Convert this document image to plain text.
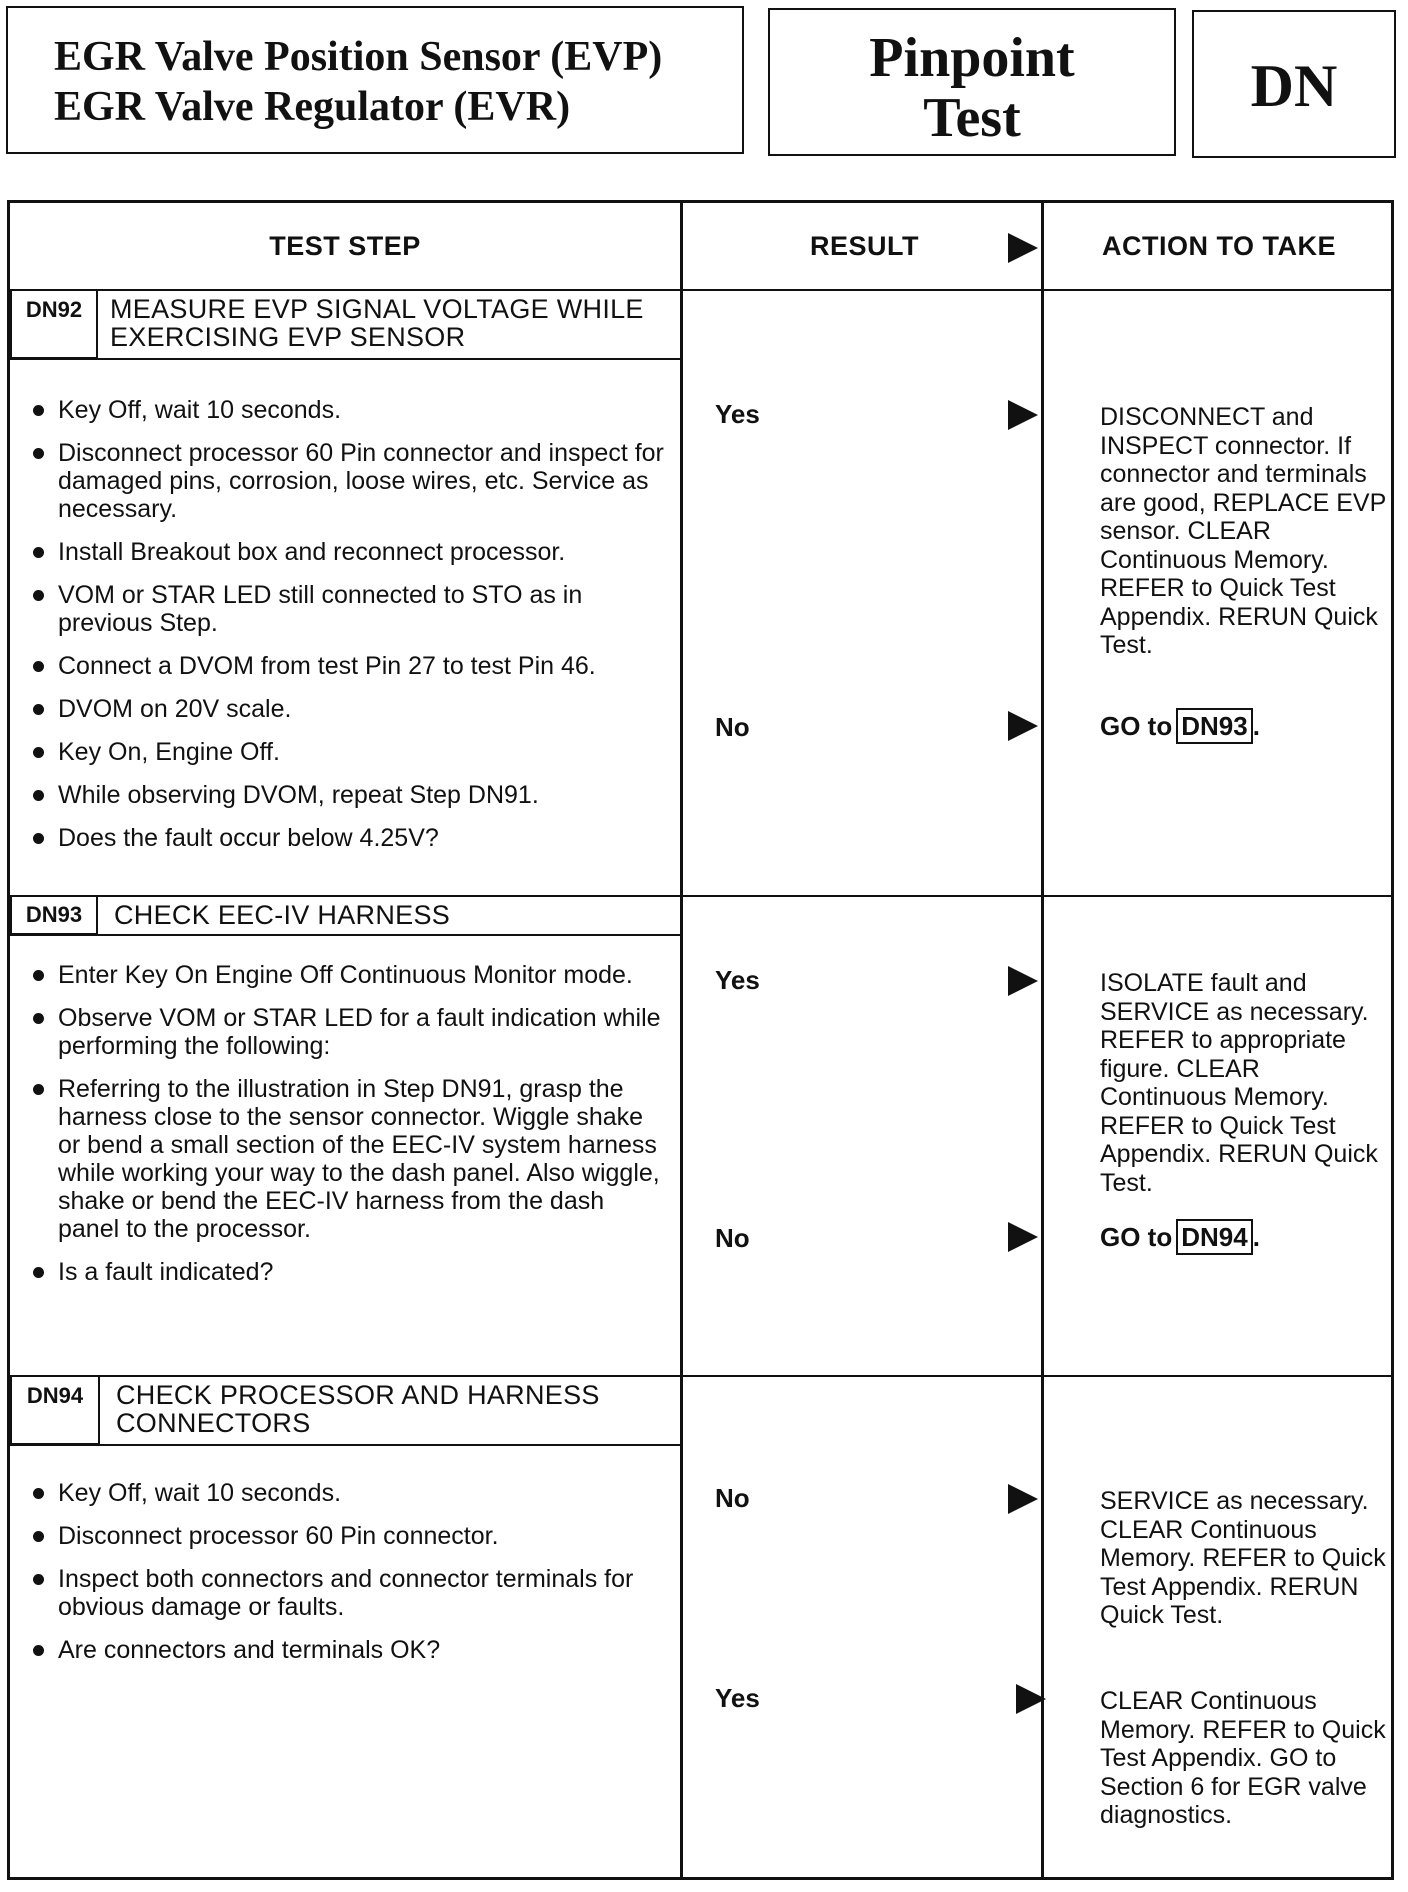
EGR Valve Position Sensor (EVP)
EGR Valve Regulator (EVR)
Pinpoint
Test	DN
TEST STEP	RESULT	ACTION TO TAKE
DN92	MEASURE EVP SIGNAL VOLTAGE WHILE
EXERCISING EVP SENSOR
Key Off, wait 10 seconds.
Disconnect processor 60 Pin connector and inspect for damaged pins, corrosion, loose wires, etc. Service as necessary.
Install Breakout box and reconnect processor.
VOM or STAR LED still connected to STO as in previous Step.
Connect a DVOM from test Pin 27 to test Pin 46.
DVOM on 20V scale.
Key On, Engine Off.
While observing DVOM, repeat Step DN91.
Does the fault occur below 4.25V?
Yes	DISCONNECT and INSPECT connector. If connector and terminals are good, REPLACE EVP sensor. CLEAR Continuous Memory. REFER to Quick Test Appendix. RERUN Quick Test.
No	GO to DN93 .
DN93	CHECK EEC-IV HARNESS
Enter Key On Engine Off Continuous Monitor mode.
Observe VOM or STAR LED for a fault indication while performing the following:
Referring to the illustration in Step DN91, grasp the harness close to the sensor connector. Wiggle shake or bend a small section of the EEC-IV system harness while working your way to the dash panel. Also wiggle, shake or bend the EEC-IV harness from the dash panel to the processor.
Is a fault indicated?
Yes	ISOLATE fault and SERVICE as necessary. REFER to appropriate figure. CLEAR Continuous Memory. REFER to Quick Test Appendix. RERUN Quick Test.
No	GO to DN94 .
DN94	CHECK PROCESSOR AND HARNESS
CONNECTORS
Key Off, wait 10 seconds.
Disconnect processor 60 Pin connector.
Inspect both connectors and connector terminals for obvious damage or faults.
Are connectors and terminals OK?
No	SERVICE as necessary. CLEAR Continuous Memory. REFER to Quick Test Appendix. RERUN Quick Test.
Yes	CLEAR Continuous Memory. REFER to Quick Test Appendix. GO to Section 6 for EGR valve diagnostics.
